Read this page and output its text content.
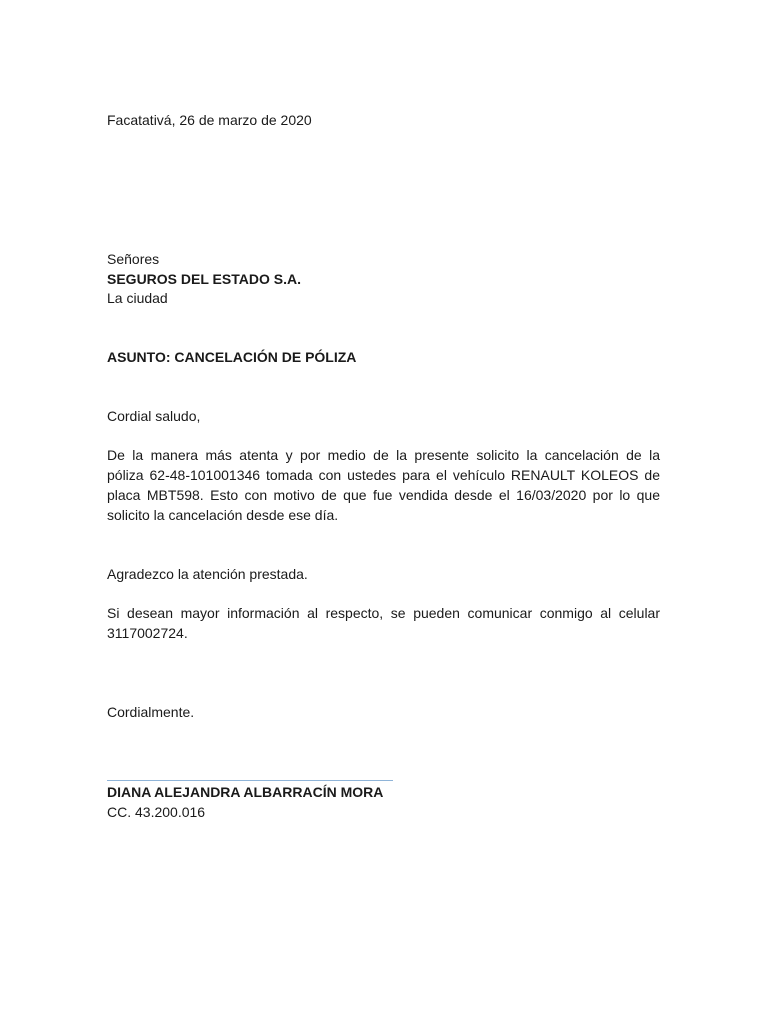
Facatativá, 26 de marzo de 2020
Señores
SEGUROS DEL ESTADO S.A.
La ciudad
ASUNTO: CANCELACIÓN DE PÓLIZA
Cordial saludo,
De la manera más atenta y por medio de la presente solicito la cancelación de la
póliza 62-48-101001346 tomada con ustedes para el vehículo RENAULT KOLEOS de
placa MBT598. Esto con motivo de que fue vendida desde el 16/03/2020 por lo que
solicito la cancelación desde ese día.
Agradezco la atención prestada.
Si desean mayor información al respecto, se pueden comunicar conmigo al celular
3117002724.
Cordialmente.
DIANA ALEJANDRA ALBARRACÍN MORA
CC. 43.200.016
